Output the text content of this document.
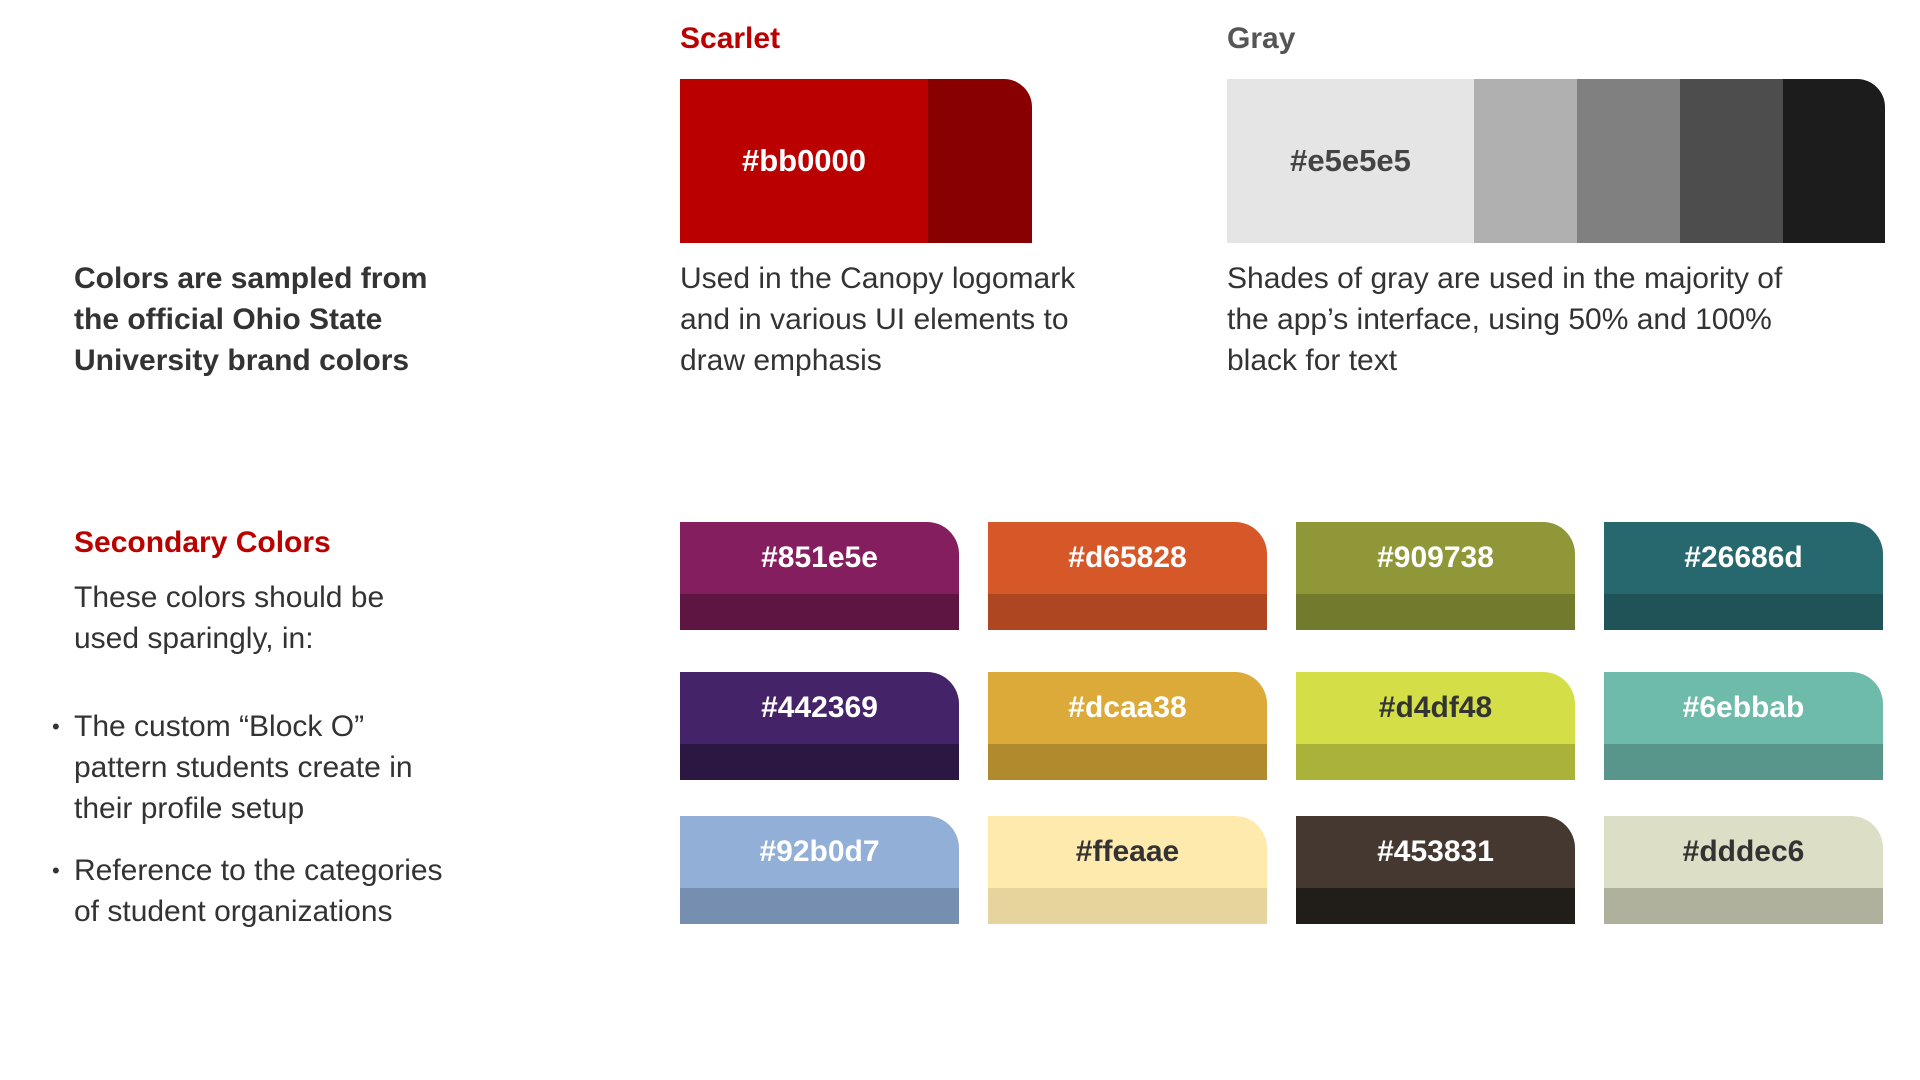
Colors are sampled from
the official Ohio State
University brand colors
Scarlet
#bb0000
Used in the Canopy logomark
and in various UI elements to
draw emphasis
Gray
#e5e5e5
Shades of gray are used in the majority of
the app’s interface, using 50% and 100%
black for text
Secondary Colors
These colors should be
used sparingly, in:
• The custom “Block O”
pattern students create in
their profile setup
• Reference to the categories
of student organizations
#851e5e	#d65828	#909738	#26686d
#442369	#dcaa38	#d4df48	#6ebbab
#92b0d7	#ffeaae	#453831	#dddec6
